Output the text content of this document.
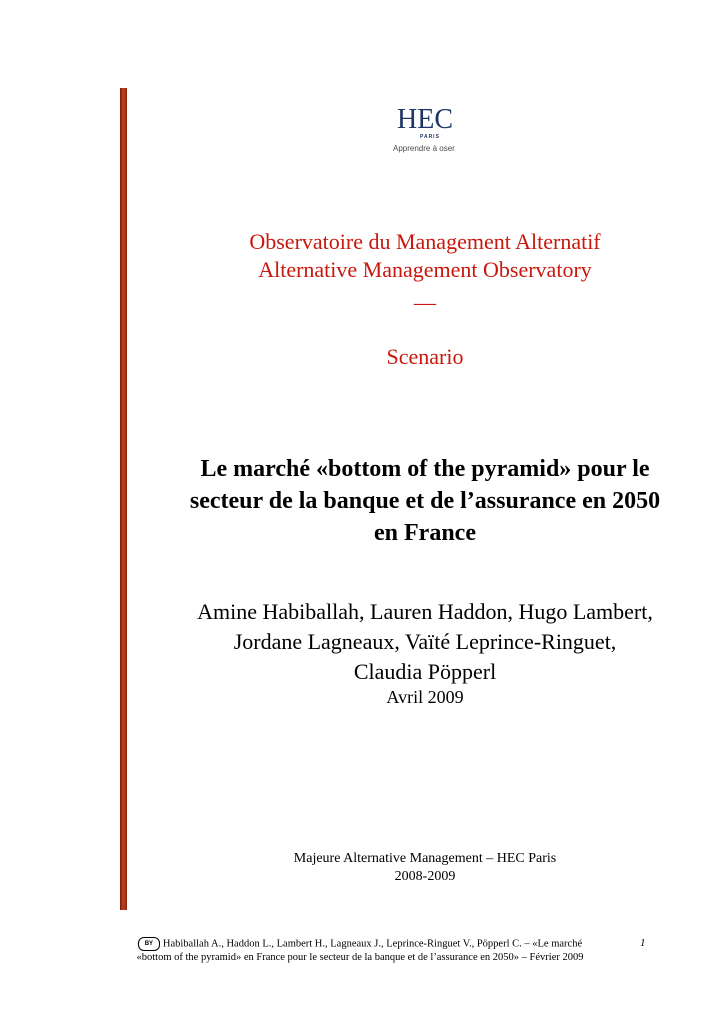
HEC
PARIS
Apprendre à oser
Observatoire du Management Alternatif
Alternative Management Observatory
__
Scenario
Le marché «bottom of the pyramid» pour le
secteur de la banque et de l’assurance en 2050
en France
Amine Habiballah, Lauren Haddon, Hugo Lambert,
Jordane Lagneaux, Vaïté Leprince-Ringuet,
Claudia Pöpperl
Avril 2009
Majeure Alternative Management – HEC Paris
2008-2009
BY Habiballah A., Haddon L., Lambert H., Lagneaux J., Leprince-Ringuet V., Pöpperl C. – «Le marché
«bottom of the pyramid» en France pour le secteur de la banque et de l’assurance en 2050» – Février 2009
1
